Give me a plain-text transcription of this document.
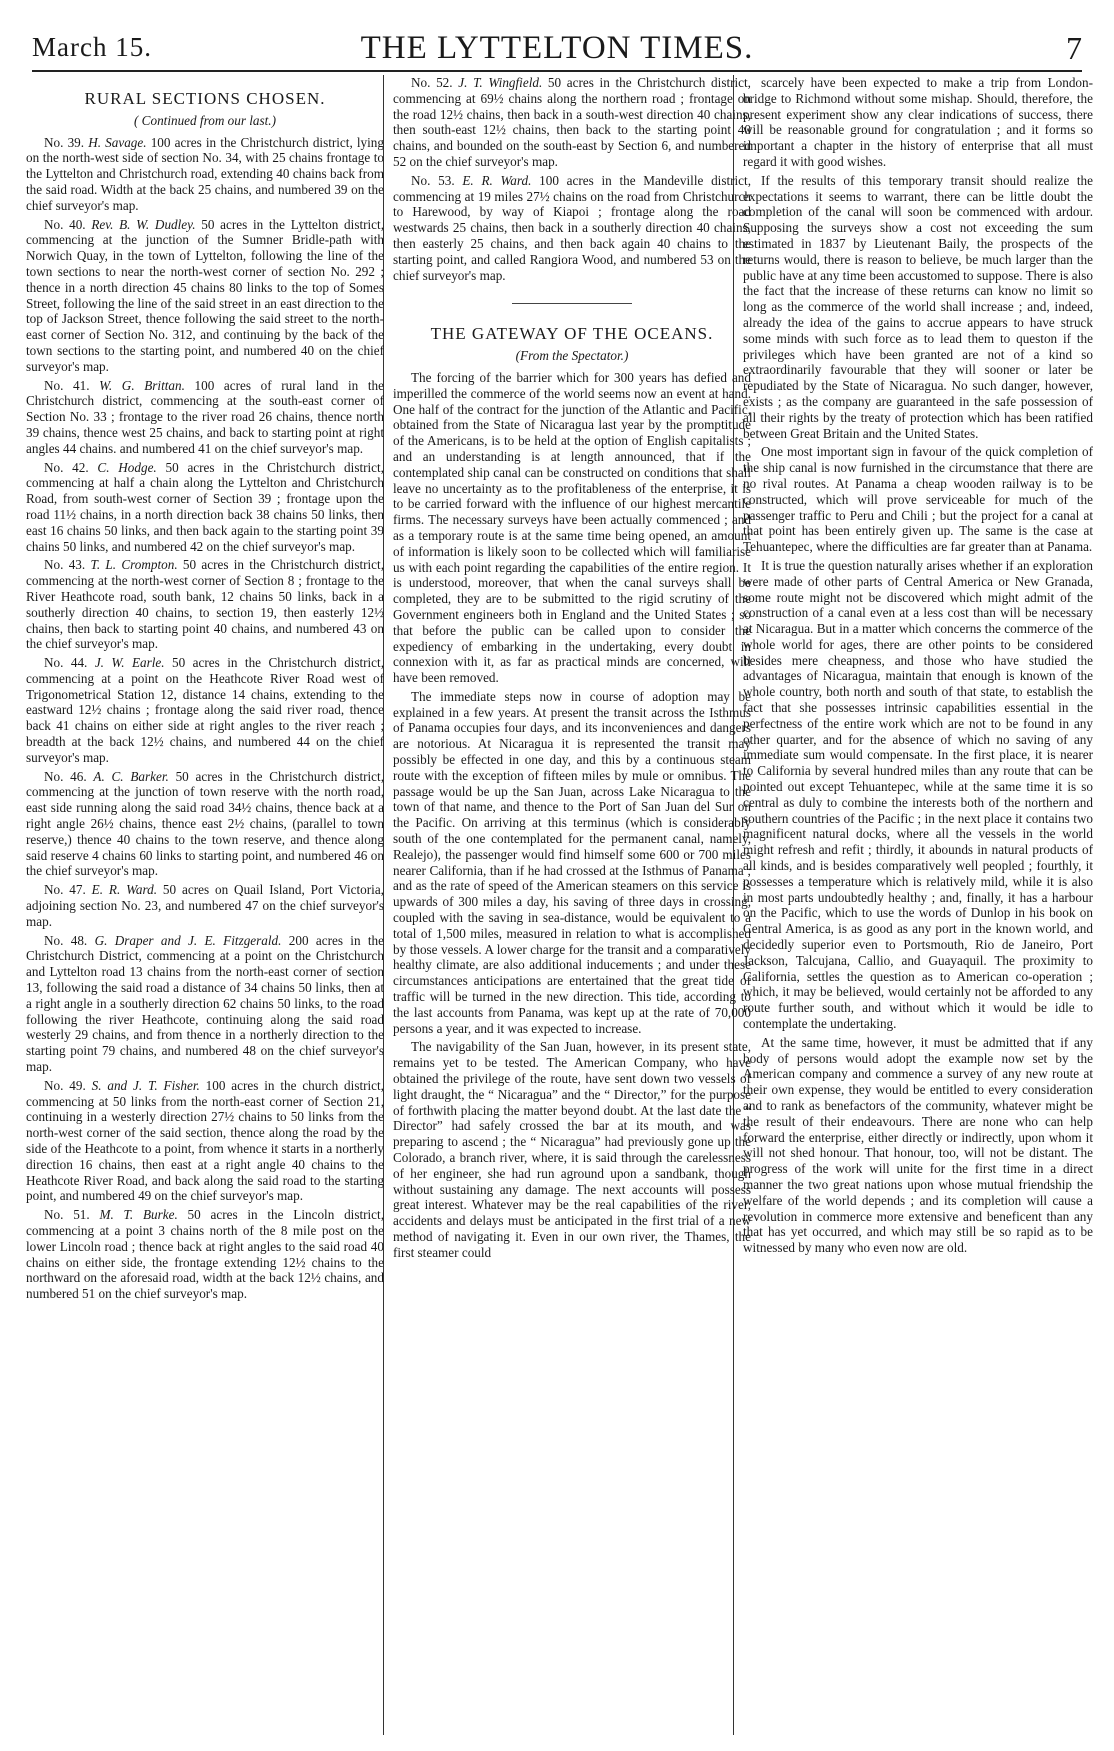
March 15.	THE LYTTELTON TIMES.	7
RURAL SECTIONS CHOSEN.
( Continued from our last.)

No. 39. H. Savage. 100 acres in the Christchurch district, lying on the north-west side of section No. 34, with 25 chains frontage to the Lyttelton and Christchurch road, extending 40 chains back from the said road. Width at the back 25 chains, and numbered 39 on the chief surveyor's map.

No. 40. Rev. B. W. Dudley. 50 acres in the Lyttelton district, commencing at the junction of the Sumner Bridle-path with Norwich Quay, in the town of Lyttelton, following the line of the town sections to near the north-west corner of section No. 292 ; thence in a north direction 45 chains 80 links to the top of Somes Street, following the line of the said street in an east direction to the top of Jackson Street, thence following the said street to the north-east corner of Section No. 312, and continuing by the back of the town sections to the starting point, and numbered 40 on the chief surveyor's map.

No. 41. W. G. Brittan. 100 acres of rural land in the Christchurch district, commencing at the south-east corner of Section No. 33 ; frontage to the river road 26 chains, thence north 39 chains, thence west 25 chains, and back to starting point at right angles 44 chains. and numbered 41 on the chief surveyor's map.

No. 42. C. Hodge. 50 acres in the Christchurch district, commencing at half a chain along the Lyttelton and Christchurch Road, from south-west corner of Section 39 ; frontage upon the road 11½ chains, in a north direction back 38 chains 50 links, then east 16 chains 50 links, and then back again to the starting point 39 chains 50 links, and numbered 42 on the chief surveyor's map.

No. 43. T. L. Crompton. 50 acres in the Christchurch district, commencing at the north-west corner of Section 8 ; frontage to the River Heathcote road, south bank, 12 chains 50 links, back in a southerly direction 40 chains, to section 19, then easterly 12½ chains, then back to starting point 40 chains, and numbered 43 on the chief surveyor's map.

No. 44. J. W. Earle. 50 acres in the Christchurch district, commencing at a point on the Heathcote River Road west of Trigonometrical Station 12, distance 14 chains, extending to the eastward 12½ chains ; frontage along the said river road, thence back 41 chains on either side at right angles to the river reach ; breadth at the back 12½ chains, and numbered 44 on the chief surveyor's map.

No. 46. A. C. Barker. 50 acres in the Christchurch district, commencing at the junction of town reserve with the north road, east side running along the said road 34½ chains, thence back at a right angle 26½ chains, thence east 2½ chains, (parallel to town reserve,) thence 40 chains to the town reserve, and thence along said reserve 4 chains 60 links to starting point, and numbered 46 on the chief surveyor's map.

No. 47. E. R. Ward. 50 acres on Quail Island, Port Victoria, adjoining section No. 23, and numbered 47 on the chief surveyor's map.

No. 48. G. Draper and J. E. Fitzgerald. 200 acres in the Christchurch District, commencing at a point on the Christchurch and Lyttelton road 13 chains from the north-east corner of section 13, following the said road a distance of 34 chains 50 links, then at a right angle in a southerly direction 62 chains 50 links, to the road following the river Heathcote, continuing along the said road westerly 29 chains, and from thence in a northerly direction to the starting point 79 chains, and numbered 48 on the chief surveyor's map.

No. 49. S. and J. T. Fisher. 100 acres in the church district, commencing at 50 links from the north-east corner of Section 21, continuing in a westerly direction 27½ chains to 50 links from the north-west corner of the said section, thence along the road by the side of the Heathcote to a point, from whence it starts in a northerly direction 16 chains, then east at a right angle 40 chains to the Heathcote River Road, and back along the said road to the starting point, and numbered 49 on the chief surveyor's map.

No. 51. M. T. Burke. 50 acres in the Lincoln district, commencing at a point 3 chains north of the 8 mile post on the lower Lincoln road ; thence back at right angles to the said road 40 chains on either side, the frontage extending 12½ chains to the northward on the aforesaid road, width at the back 12½ chains, and numbered 51 on the chief surveyor's map.

No. 52. J. T. Wingfield. 50 acres in the Christchurch district, commencing at 69½ chains along the northern road ; frontage on the road 12½ chains, then back in a south-west direction 40 chains, then south-east 12½ chains, then back to the starting point 40 chains, and bounded on the south-east by Section 6, and numbered 52 on the chief surveyor's map.

No. 53. E. R. Ward. 100 acres in the Mandeville district, commencing at 19 miles 27½ chains on the road from Christchurch to Harewood, by way of Kiapoi ; frontage along the road westwards 25 chains, then back in a southerly direction 40 chains, then easterly 25 chains, and then back again 40 chains to the starting point, and called Rangiora Wood, and numbered 53 on the chief surveyor's map.

THE GATEWAY OF THE OCEANS.
(From the Spectator.)

The forcing of the barrier which for 300 years has defied and imperilled the commerce of the world seems now an event at hand. One half of the contract for the junction of the Atlantic and Pacific, obtained from the State of Nicaragua last year by the promptitude of the Americans, is to be held at the option of English capitalists ; and an understanding is at length announced, that if the contemplated ship canal can be constructed on conditions that shall leave no uncertainty as to the profitableness of the enterprise, it is to be carried forward with the influence of our highest mercantile firms. The necessary surveys have been actually commenced ; and as a temporary route is at the same time being opened, an amount of information is likely soon to be collected which will familiarise us with each point regarding the capabilities of the entire region. It is understood, moreover, that when the canal surveys shall be completed, they are to be submitted to the rigid scrutiny of the Government engineers both in England and the United States ; so that before the public can be called upon to consider the expediency of embarking in the undertaking, every doubt in connexion with it, as far as practical minds are concerned, will have been removed.

The immediate steps now in course of adoption may be explained in a few years. At present the transit across the Isthmus of Panama occupies four days, and its inconveniences and dangers are notorious. At Nicaragua it is represented the transit may possibly be effected in one day, and this by a continuous steam route with the exception of fifteen miles by mule or omnibus. The passage would be up the San Juan, across Lake Nicaragua to the town of that name, and thence to the Port of San Juan del Sur on the Pacific. On arriving at this terminus (which is considerably south of the one contemplated for the permanent canal, namely, Realejo), the passenger would find himself some 600 or 700 miles nearer California, than if he had crossed at the Isthmus of Panama ; and as the rate of speed of the American steamers on this service is upwards of 300 miles a day, his saving of three days in crossing, coupled with the saving in sea-distance, would be equivalent to a total of 1,500 miles, measured in relation to what is accomplished by those vessels. A lower charge for the transit and a comparatively healthy climate, are also additional inducements ; and under these circumstances anticipations are entertained that the great tide of traffic will be turned in the new direction. This tide, according to the last accounts from Panama, was kept up at the rate of 70,000 persons a year, and it was expected to increase.

The navigability of the San Juan, however, in its present state, remains yet to be tested. The American Company, who have obtained the privilege of the route, have sent down two vessels of light draught, the “ Nicaragua” and the “ Director,” for the purpose of forthwith placing the matter beyond doubt. At the last date the “ Director” had safely crossed the bar at its mouth, and was preparing to ascend ; the “ Nicaragua” had previously gone up the Colorado, a branch river, where, it is said through the carelessness of her engineer, she had run aground upon a sandbank, though without sustaining any damage. The next accounts will possess great interest. Whatever may be the real capabilities of the river, accidents and delays must be anticipated in the first trial of a new method of navigating it. Even in our own river, the Thames, the first steamer could

scarcely have been expected to make a trip from London-bridge to Richmond without some mishap. Should, therefore, the present experiment show any clear indications of success, there will be reasonable ground for congratulation ; and it forms so important a chapter in the history of enterprise that all must regard it with good wishes.

If the results of this temporary transit should realize the expectations it seems to warrant, there can be little doubt the completion of the canal will soon be commenced with ardour. Supposing the surveys show a cost not exceeding the sum estimated in 1837 by Lieutenant Baily, the prospects of the returns would, there is reason to believe, be much larger than the public have at any time been accustomed to suppose. There is also the fact that the increase of these returns can know no limit so long as the commerce of the world shall increase ; and, indeed, already the idea of the gains to accrue appears to have struck some minds with such force as to lead them to queston if the privileges which have been granted are not of a kind so extraordinarily favourable that they will sooner or later be repudiated by the State of Nicaragua. No such danger, however, exists ; as the company are guaranteed in the safe possession of all their rights by the treaty of protection which has been ratified between Great Britain and the United States.

One most important sign in favour of the quick completion of the ship canal is now furnished in the circumstance that there are no rival routes. At Panama a cheap wooden railway is to be constructed, which will prove serviceable for much of the passenger traffic to Peru and Chili ; but the project for a canal at that point has been entirely given up. The same is the case at Tehuantepec, where the difficulties are far greater than at Panama.

It is true the question naturally arises whether if an exploration were made of other parts of Central America or New Granada, some route might not be discovered which might admit of the construction of a canal even at a less cost than will be necessary at Nicaragua. But in a matter which concerns the commerce of the whole world for ages, there are other points to be considered besides mere cheapness, and those who have studied the advantages of Nicaragua, maintain that enough is known of the whole country, both north and south of that state, to establish the fact that she possesses intrinsic capabilities essential in the perfectness of the entire work which are not to be found in any other quarter, and for the absence of which no saving of any immediate sum would compensate. In the first place, it is nearer to California by several hundred miles than any route that can be pointed out except Tehuantepec, while at the same time it is so central as duly to combine the interests both of the northern and southern countries of the Pacific ; in the next place it contains two magnificent natural docks, where all the vessels in the world might refresh and refit ; thirdly, it abounds in natural products of all kinds, and is besides comparatively well peopled ; fourthly, it possesses a temperature which is relatively mild, while it is also in most parts undoubtedly healthy ; and, finally, it has a harbour on the Pacific, which to use the words of Dunlop in his book on Central America, is as good as any port in the known world, and decidedly superior even to Portsmouth, Rio de Janeiro, Port Jackson, Talcujana, Callio, and Guayaquil. The proximity to California, settles the question as to American co-operation ; which, it may be believed, would certainly not be afforded to any route further south, and without which it would be idle to contemplate the undertaking.

At the same time, however, it must be admitted that if any body of persons would adopt the example now set by the American company and commence a survey of any new route at their own expense, they would be entitled to every consideration and to rank as benefactors of the community, whatever might be the result of their endeavours. There are none who can help forward the enterprise, either directly or indirectly, upon whom it will not shed honour. That honour, too, will not be distant. The progress of the work will unite for the first time in a direct manner the two great nations upon whose mutual friendship the welfare of the world depends ; and its completion will cause a revolution in commerce more extensive and beneficent than any that has yet occurred, and which may still be so rapid as to be witnessed by many who even now are old.
